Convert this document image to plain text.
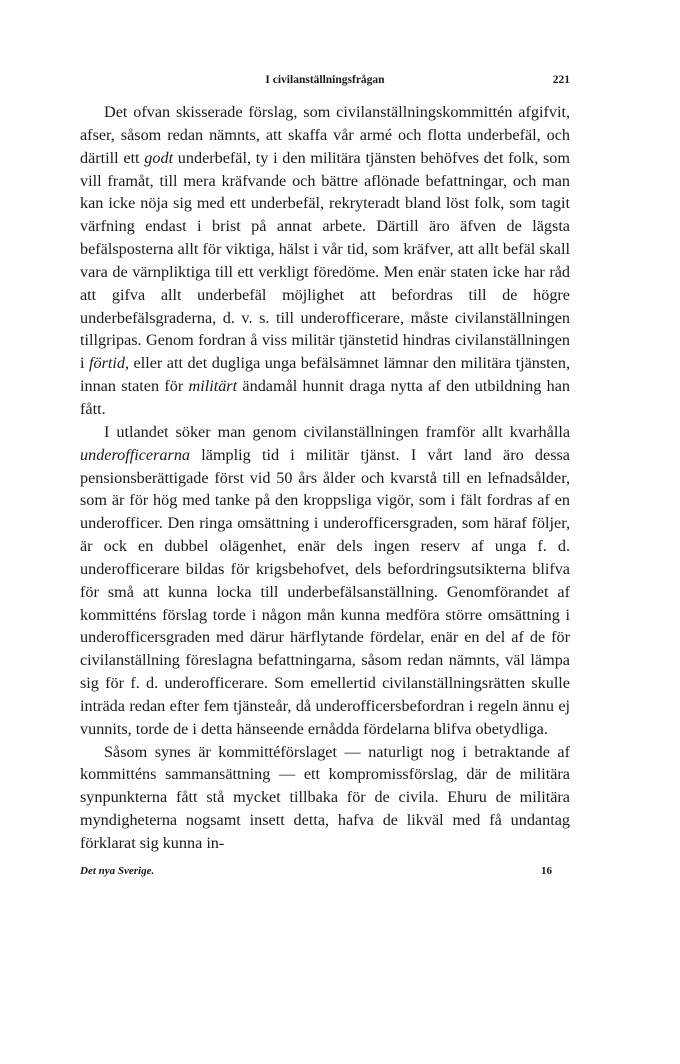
I civilanställningsfrågan	221

Det ofvan skisserade förslag, som civilanställningskommittén afgifvit, afser, såsom redan nämnts, att skaffa vår armé och flotta underbefäl, och därtill ett godt underbefäl, ty i den militära tjänsten behöfves det folk, som vill framåt, till mera kräfvande och bättre aflönade befattningar, och man kan icke nöja sig med ett underbefäl, rekryteradt bland löst folk, som tagit värfning endast i brist på annat arbete. Därtill äro äfven de lägsta befälsposterna allt för viktiga, hälst i vår tid, som kräfver, att allt befäl skall vara de värnpliktiga till ett verkligt föredöme. Men enär staten icke har råd att gifva allt underbefäl möjlighet att befordras till de högre underbefälsgraderna, d. v. s. till underofficerare, måste civilanställningen tillgripas. Genom fordran å viss militär tjänstetid hindras civilanställningen i förtid, eller att det dugliga unga befälsämnet lämnar den militära tjänsten, innan staten för militärt ändamål hunnit draga nytta af den utbildning han fått.

I utlandet söker man genom civilanställningen framför allt kvarhålla underofficerarna lämplig tid i militär tjänst. I vårt land äro dessa pensionsberättigade först vid 50 års ålder och kvarstå till en lefnadsålder, som är för hög med tanke på den kroppsliga vigör, som i fält fordras af en underofficer. Den ringa omsättning i underofficersgraden, som häraf följer, är ock en dubbel olägenhet, enär dels ingen reserv af unga f. d. underofficerare bildas för krigsbehofvet, dels befordringsutsikterna blifva för små att kunna locka till underbefälsanställning. Genomförandet af kommitténs förslag torde i någon mån kunna medföra större omsättning i underofficersgraden med därur härflytande fördelar, enär en del af de för civilanställning föreslagna befattningarna, såsom redan nämnts, väl lämpa sig för f. d. underofficerare. Som emellertid civilanställningsrätten skulle inträda redan efter fem tjänsteår, då underofficersbefordran i regeln ännu ej vunnits, torde de i detta hänseende ernådda fördelarna blifva obetydliga.

Såsom synes är kommittéförslaget — naturligt nog i betraktande af kommitténs sammansättning — ett kompromissförslag, där de militära synpunkterna fått stå mycket tillbaka för de civila. Ehuru de militära myndigheterna nogsamt insett detta, hafva de likväl med få undantag förklarat sig kunna in-

Det nya Sverige.	16
